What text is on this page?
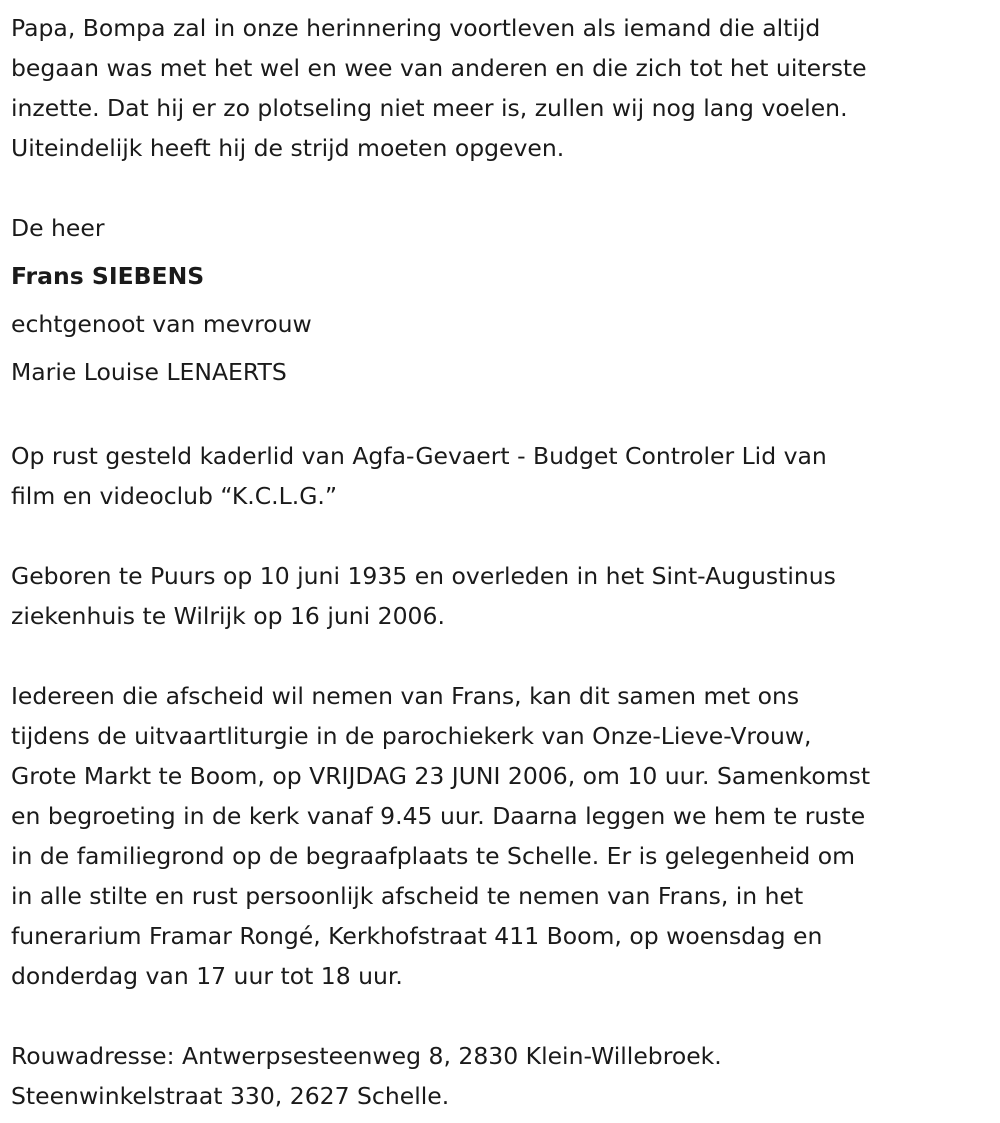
Papa, Bompa zal in onze herinnering voortleven als iemand die altijd
begaan was met het wel en wee van anderen en die zich tot het uiterste
inzette. Dat hij er zo plotseling niet meer is, zullen wij nog lang voelen.
Uiteindelijk heeft hij de strijd moeten opgeven.
De heer
Frans SIEBENS
echtgenoot van mevrouw
Marie Louise LENAERTS
Op rust gesteld kaderlid van Agfa-Gevaert - Budget Controler Lid van
film en videoclub “K.C.L.G.”
Geboren te Puurs op 10 juni 1935 en overleden in het Sint-Augustinus
ziekenhuis te Wilrijk op 16 juni 2006.
Iedereen die afscheid wil nemen van Frans, kan dit samen met ons
tijdens de uitvaartliturgie in de parochiekerk van Onze-Lieve-Vrouw,
Grote Markt te Boom, op VRIJDAG 23 JUNI 2006, om 10 uur. Samenkomst
en begroeting in de kerk vanaf 9.45 uur. Daarna leggen we hem te ruste
in de familiegrond op de begraafplaats te Schelle. Er is gelegenheid om
in alle stilte en rust persoonlijk afscheid te nemen van Frans, in het
funerarium Framar Rongé, Kerkhofstraat 411 Boom, op woensdag en
donderdag van 17 uur tot 18 uur.
Rouwadresse: Antwerpsesteenweg 8, 2830 Klein-Willebroek.
Steenwinkelstraat 330, 2627 Schelle.
